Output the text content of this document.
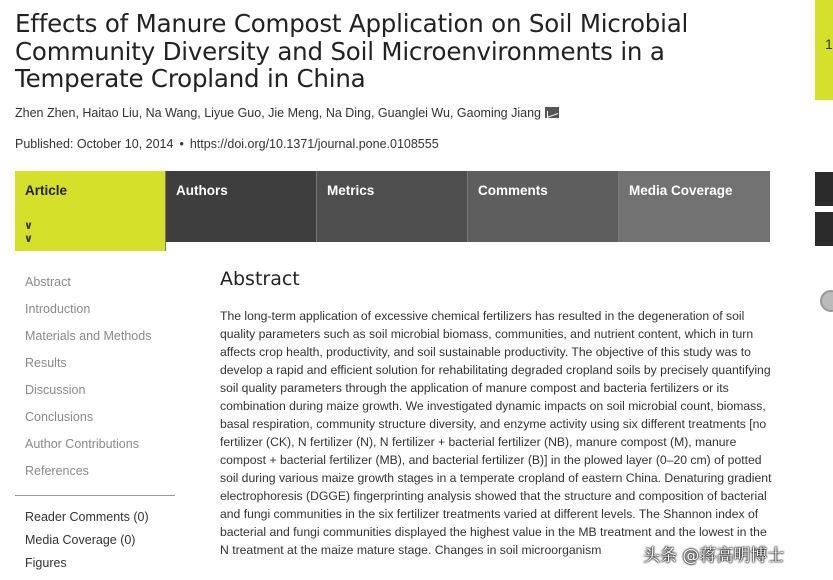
Effects of Manure Compost Application on Soil Microbial Community Diversity and Soil Microenvironments in a Temperate Cropland in China
Zhen Zhen, Haitao Liu, Na Wang, Liyue Guo, Jie Meng, Na Ding, Guanglei Wu, Gaoming Jiang
Published: October 10, 2014 • https://doi.org/10.1371/journal.pone.0108555
Article
∨
∨
Authors	Metrics	Comments	Media Coverage
1
Abstract
Introduction
Materials and Methods
Results
Discussion
Conclusions
Author Contributions
References
Reader Comments (0)
Media Coverage (0)
Figures
Abstract

The long-term application of excessive chemical fertilizers has resulted in the degeneration of soil quality parameters such as soil microbial biomass, communities, and nutrient content, which in turn affects crop health, productivity, and soil sustainable productivity. The objective of this study was to develop a rapid and efficient solution for rehabilitating degraded cropland soils by precisely quantifying soil quality parameters through the application of manure compost and bacteria fertilizers or its combination during maize growth. We investigated dynamic impacts on soil microbial count, biomass, basal respiration, community structure diversity, and enzyme activity using six different treatments [no fertilizer (CK), N fertilizer (N), N fertilizer + bacterial fertilizer (NB), manure compost (M), manure compost + bacterial fertilizer (MB), and bacterial fertilizer (B)] in the plowed layer (0–20 cm) of potted soil during various maize growth stages in a temperate cropland of eastern China. Denaturing gradient electrophoresis (DGGE) fingerprinting analysis showed that the structure and composition of bacterial and fungi communities in the six fertilizer treatments varied at different levels. The Shannon index of bacterial and fungi communities displayed the highest value in the MB treatment and the lowest in the N treatment at the maize mature stage. Changes in soil microorganism	头条 @蒋高明博士
